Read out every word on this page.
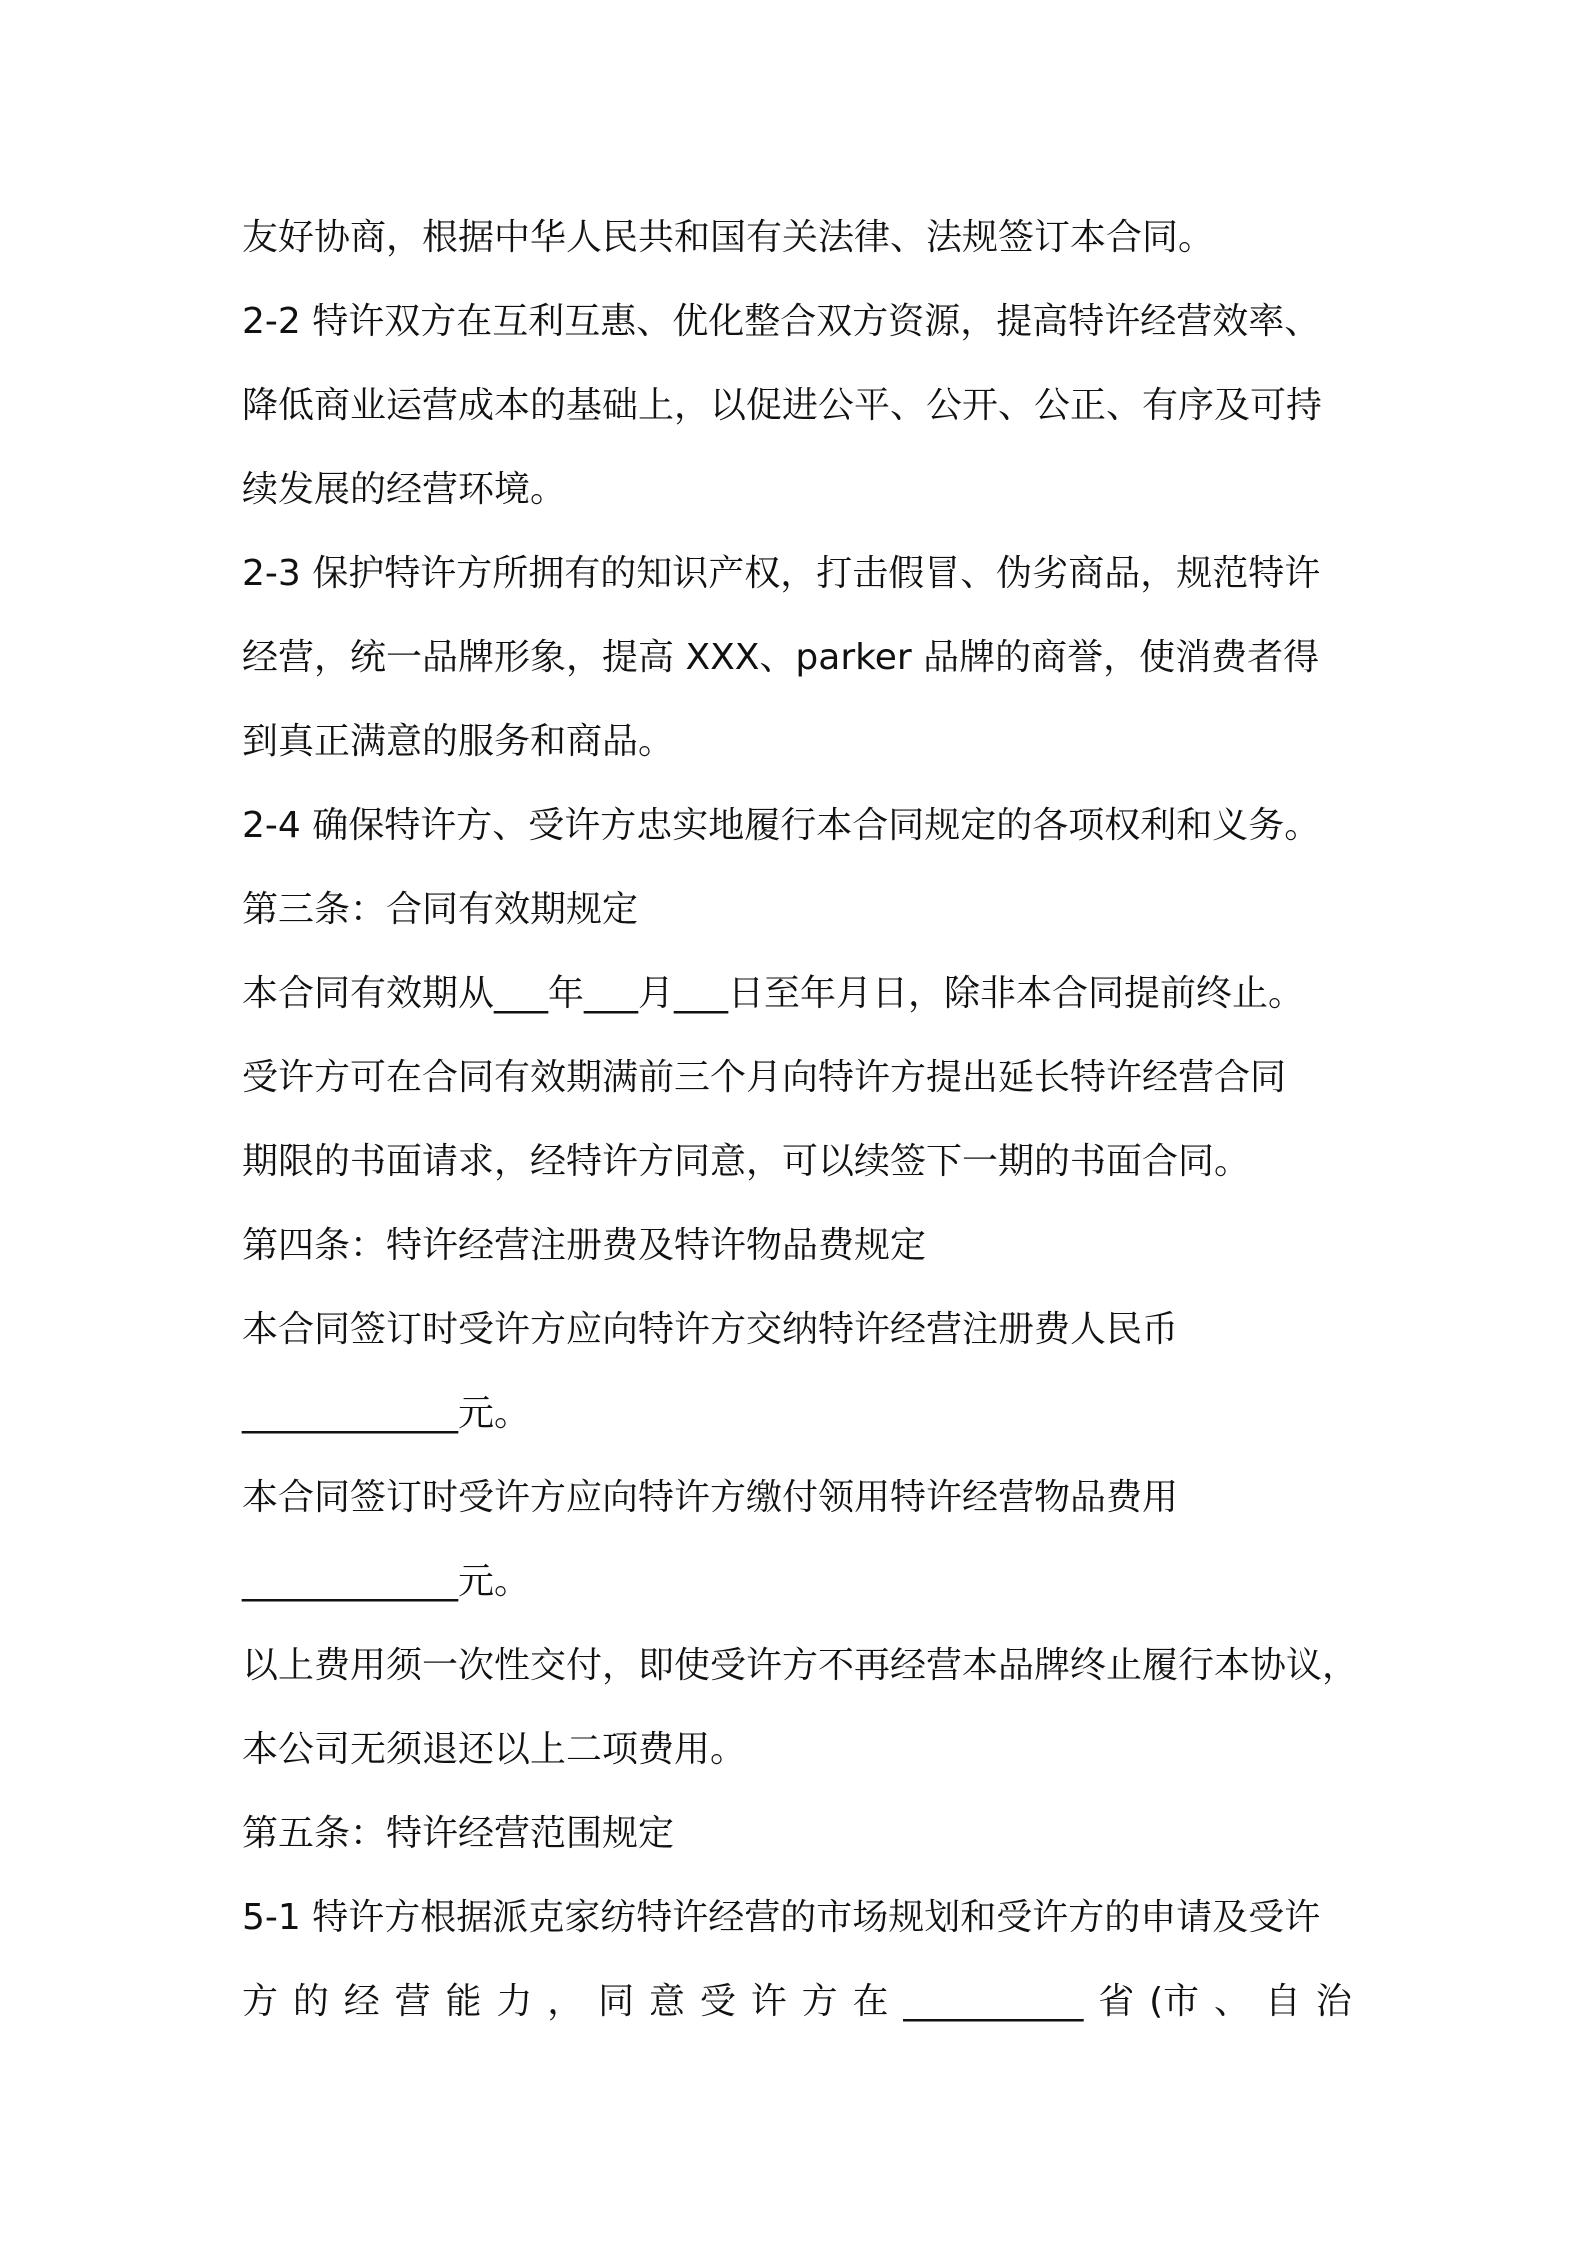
友好协商，根据中华人民共和国有关法律、法规签订本合同。
2-2 特许双方在互利互惠、优化整合双方资源，提高特许经营效率、
降低商业运营成本的基础上，以促进公平、公开、公正、有序及可持
续发展的经营环境。
2-3 保护特许方所拥有的知识产权，打击假冒、伪劣商品，规范特许
经营，统一品牌形象，提高 XXX、parker 品牌的商誉，使消费者得
到真正满意的服务和商品。
2-4 确保特许方、受许方忠实地履行本合同规定的各项权利和义务。
第三条：合同有效期规定
本合同有效期从___年___月___日至年月日，除非本合同提前终止。
受许方可在合同有效期满前三个月向特许方提出延长特许经营合同
期限的书面请求，经特许方同意，可以续签下一期的书面合同。
第四条：特许经营注册费及特许物品费规定
本合同签订时受许方应向特许方交纳特许经营注册费人民币
____________元。
本合同签订时受许方应向特许方缴付领用特许经营物品费用
____________元。
以上费用须一次性交付，即使受许方不再经营本品牌终止履行本协议，
本公司无须退还以上二项费用。
第五条：特许经营范围规定
5-1 特许方根据派克家纺特许经营的市场规划和受许方的申请及受许
方 的 经 营 能 力 ， 同 意 受 许 方 在 __________ 省 (市 、 自 治
